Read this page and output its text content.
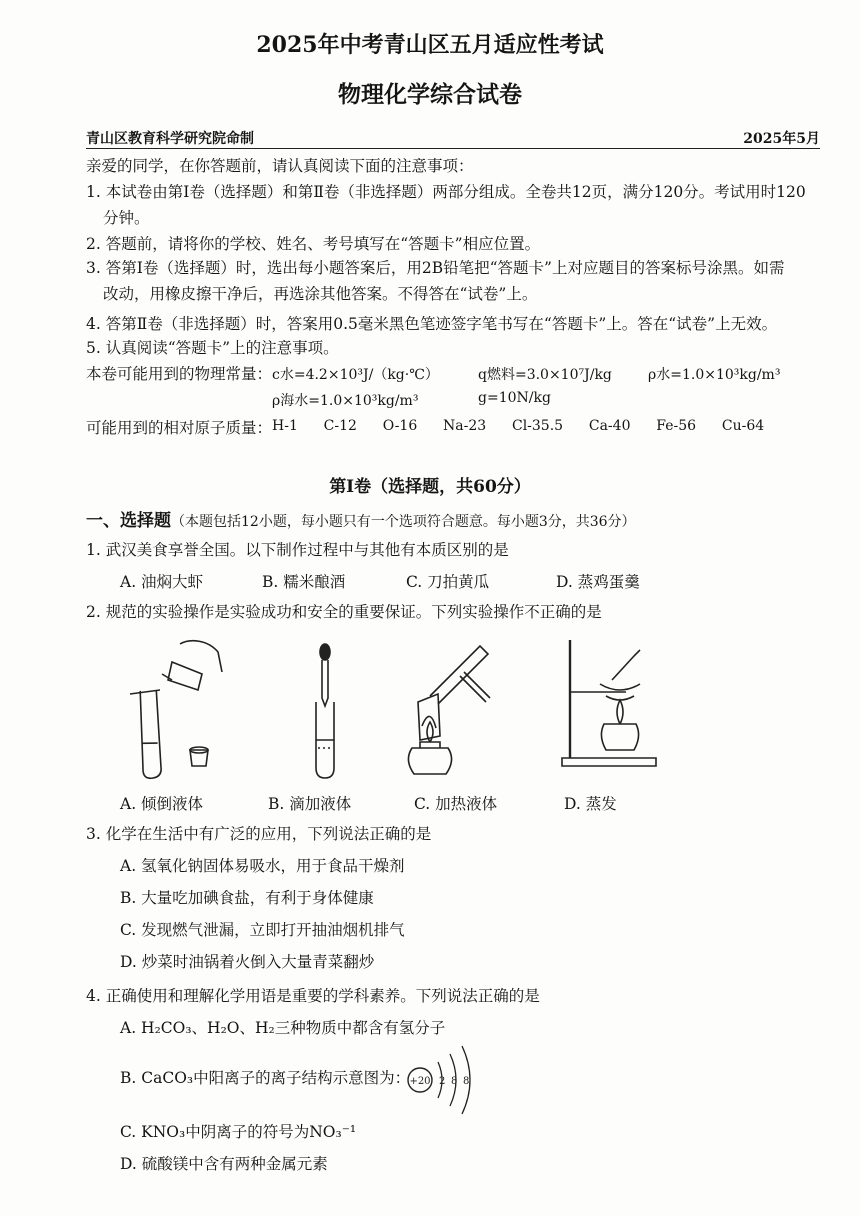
2025年中考青山区五月适应性考试
物理化学综合试卷
青山区教育科学研究院命制	2025年5月
亲爱的同学，在你答题前，请认真阅读下面的注意事项：
1. 本试卷由第Ⅰ卷（选择题）和第Ⅱ卷（非选择题）两部分组成。全卷共12页，满分120分。考试用时120
分钟。
2. 答题前，请将你的学校、姓名、考号填写在“答题卡”相应位置。
3. 答第Ⅰ卷（选择题）时，选出每小题答案后，用2B铅笔把“答题卡”上对应题目的答案标号涂黑。如需
改动，用橡皮擦干净后，再选涂其他答案。不得答在“试卷”上。
4. 答第Ⅱ卷（非选择题）时，答案用0.5毫米黑色笔迹签字笔书写在“答题卡”上。答在“试卷”上无效。
5. 认真阅读“答题卡”上的注意事项。
本卷可能用到的物理常量： c水=4.2×10³J/（kg·℃）	q燃料=3.0×10⁷J/kg	ρ水=1.0×10³kg/m³
ρ海水=1.0×10³kg/m³	g=10N/kg
可能用到的相对原子质量： H-1    C-12    O-16    Na-23    Cl-35.5    Ca-40    Fe-56    Cu-64
第Ⅰ卷（选择题，共60分）
一、选择题（本题包括12小题，每小题只有一个选项符合题意。每小题3分，共36分）
1. 武汉美食享誉全国。以下制作过程中与其他有本质区别的是
A. 油焖大虾	B. 糯米酿酒	C. 刀拍黄瓜	D. 蒸鸡蛋羹
2. 规范的实验操作是实验成功和安全的重要保证。下列实验操作不正确的是
A. 倾倒液体	B. 滴加液体	C. 加热液体	D. 蒸发
3. 化学在生活中有广泛的应用，下列说法正确的是
A. 氢氧化钠固体易吸水，用于食品干燥剂
B. 大量吃加碘食盐，有利于身体健康
C. 发现燃气泄漏，立即打开抽油烟机排气
D. 炒菜时油锅着火倒入大量青菜翻炒
4. 正确使用和理解化学用语是重要的学科素养。下列说法正确的是
A. H₂CO₃、H₂O、H₂三种物质中都含有氢分子
B. CaCO₃中阳离子的离子结构示意图为： +20 2 8 8
C. KNO₃中阴离子的符号为NO₃⁻¹
D. 硫酸镁中含有两种金属元素
